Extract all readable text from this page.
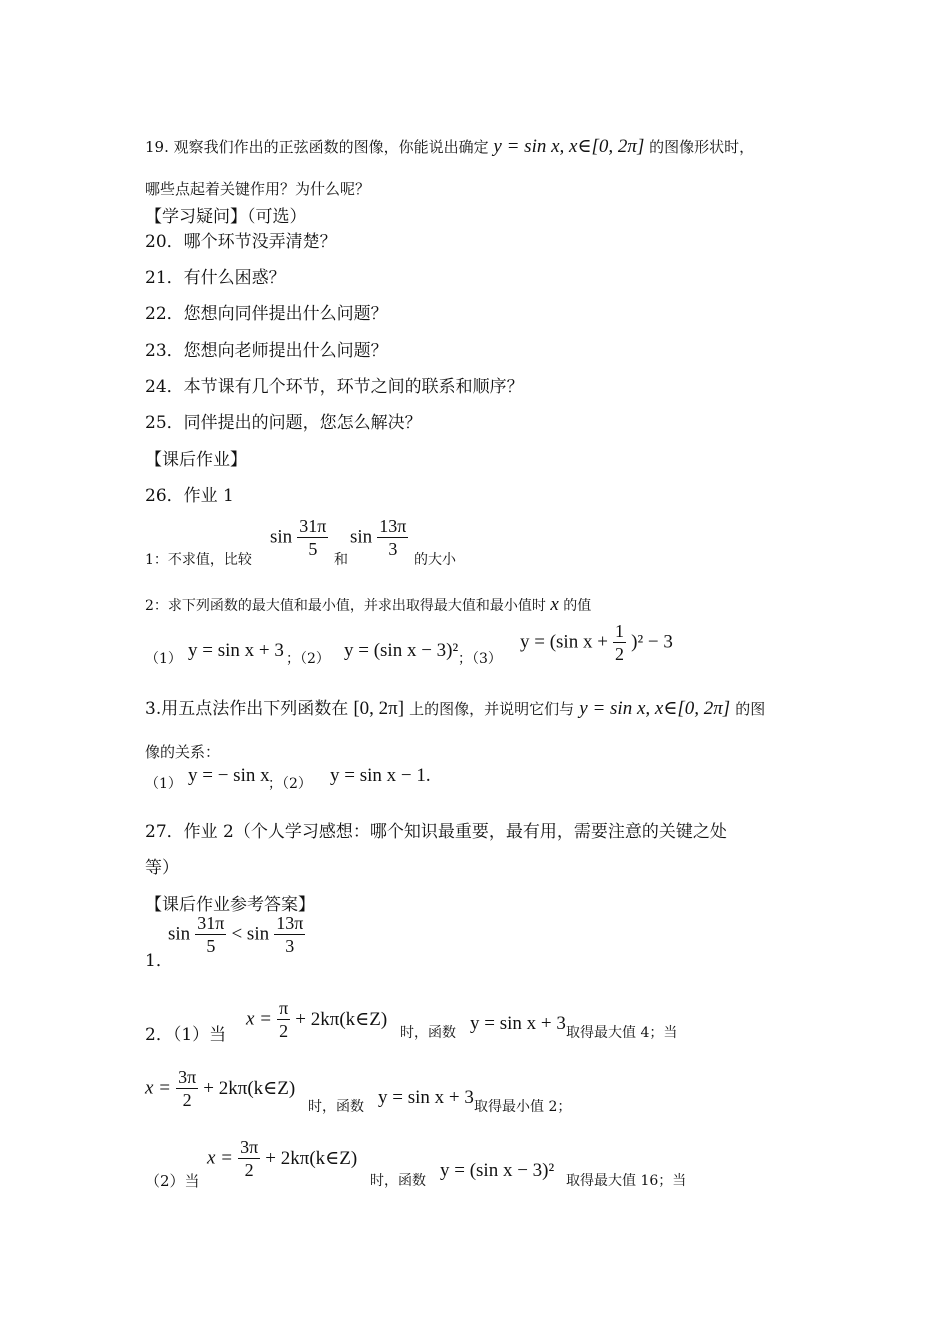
19. 观察我们作出的正弦函数的图像，你能说出确定 y = sin x, x∈[0, 2π] 的图像形状时，
哪些点起着关键作用？为什么呢？
【学习疑问】（可选）
20．哪个环节没弄清楚？
21．有什么困惑？
22．您想向同伴提出什么问题？
23．您想向老师提出什么问题？
24．本节课有几个环节，环节之间的联系和顺序？
25．同伴提出的问题，您怎么解决？
【课后作业】
26．作业 1
1：不求值，比较
$\sin \frac{31\pi}{5}$ 和
$\sin \frac{13\pi}{3}$ 的大小
2：求下列函数的最大值和最小值，并求出取得最大值和最小值时 x 的值
（1） y = sin x + 3 ；（2） y = (sin x − 3)² ；（3）
y = (sin $x + \frac{1}{2} )^2 - 3$
3.用五点法作出下列函数在 [0, 2π] 上的图像，并说明它们与 y = sin x, x∈[0, 2π] 的图
像的关系：
（1） y = − sin x
；（2） y = sin x − 1.
27．作业 2（个人学习感想：哪个知识最重要，最有用，需要注意的关键之处
等）
【课后作业参考答案】
1．
$\sin \frac{31\pi}{5} < \sin \frac{13\pi}{3}$
2．（1）当
$x = \frac{\pi}{2}$ + 2kπ(k∈Z)
时，函数 y = sin x + 3 取得最大值 4；当
$x = \frac{3\pi}{2}$ + 2kπ(k∈Z)
时，函数 y = sin x + 3 取得最小值 2；
（2）当
$x = \frac{3\pi}{2}$ + 2kπ(k∈Z)
时，函数 y = (sin x − 3)² 取得最大值 16；当
